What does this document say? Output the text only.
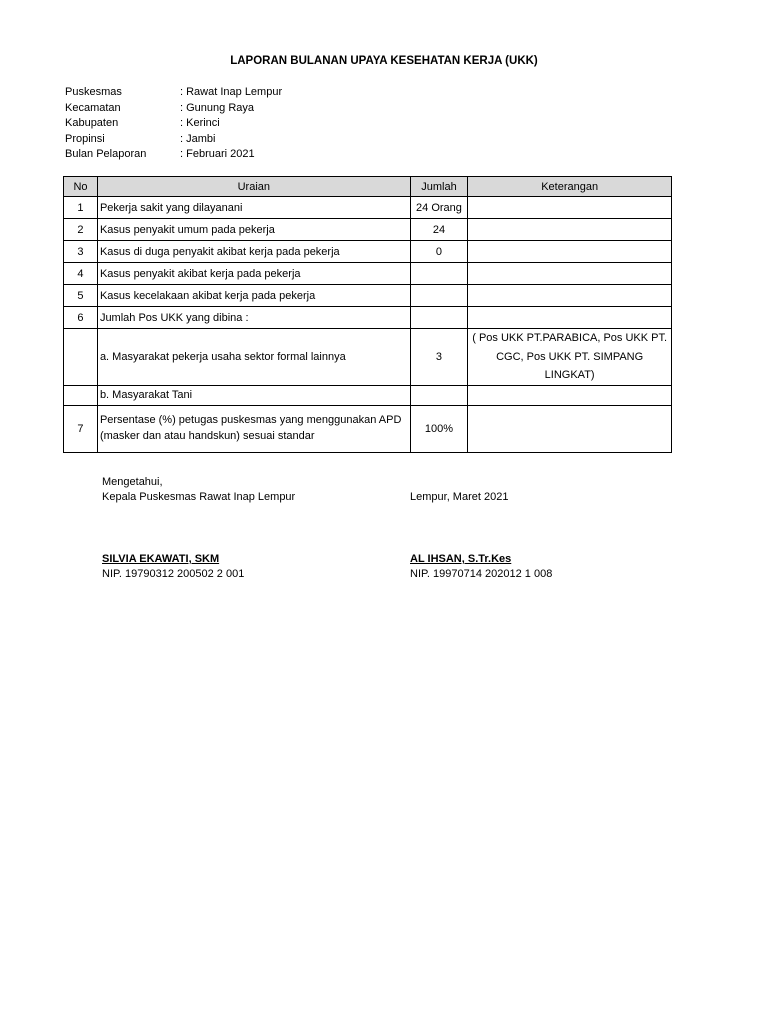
LAPORAN BULANAN UPAYA KESEHATAN KERJA (UKK)
Puskesmas	: Rawat Inap Lempur
Kecamatan	: Gunung Raya
Kabupaten	: Kerinci
Propinsi	: Jambi
Bulan Pelaporan	: Februari 2021
No	Uraian	Jumlah	Keterangan
1	Pekerja sakit yang dilayanani	24 Orang	
2	Kasus penyakit umum pada pekerja	24	
3	Kasus di duga penyakit akibat kerja pada pekerja	0	
4	Kasus penyakit akibat kerja pada pekerja		
5	Kasus kecelakaan akibat kerja pada pekerja		
6	Jumlah Pos UKK yang dibina :		
	a. Masyarakat pekerja usaha sektor formal lainnya	3	( Pos UKK PT.PARABICA, Pos UKK PT. CGC, Pos UKK PT. SIMPANG LINGKAT)
	b. Masyarakat Tani		
7	Persentase (%) petugas puskesmas yang menggunakan APD (masker dan atau handskun) sesuai standar	100%	
Mengetahui,
Kepala Puskesmas Rawat Inap Lempur	Lempur, Maret 2021
SILVIA EKAWATI, SKM
NIP. 19790312 200502 2 001
AL IHSAN, S.Tr.Kes
NIP. 19970714 202012 1 008
